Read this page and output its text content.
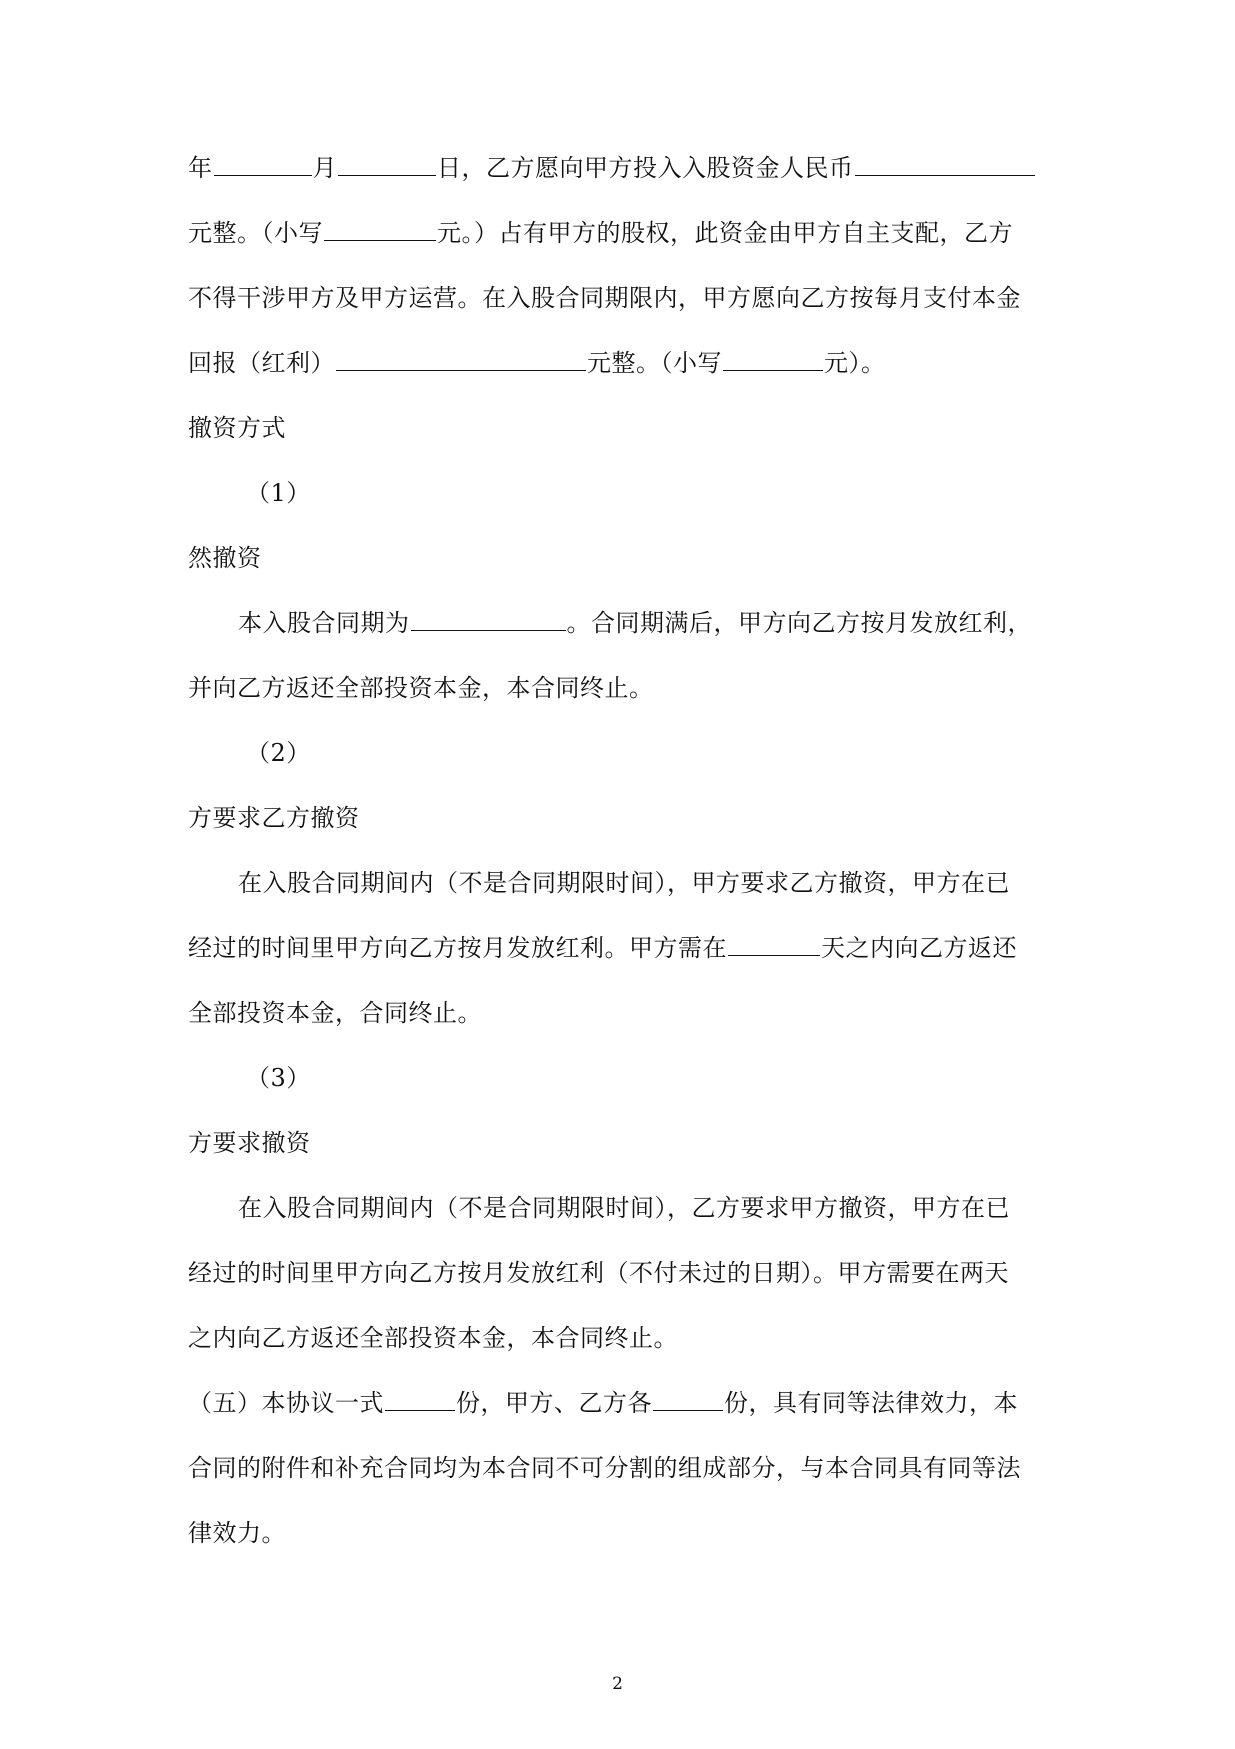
年	月	日，乙方愿向甲方投入入股资金人民币
元整。（小写	元。）占有甲方的股权，此资金由甲方自主支配，乙方
不得干涉甲方及甲方运营。在入股合同期限内，甲方愿向乙方按每月支付本金
回报（红利）	元整。（小写	元）。
撤资方式
（1）
然撤资
本入股合同期为	。合同期满后，甲方向乙方按月发放红利，
并向乙方返还全部投资本金，本合同终止。
（2）
方要求乙方撤资
在入股合同期间内（不是合同期限时间），甲方要求乙方撤资，甲方在已
经过的时间里甲方向乙方按月发放红利。甲方需在	天之内向乙方返还
全部投资本金，合同终止。
（3）
方要求撤资
在入股合同期间内（不是合同期限时间），乙方要求甲方撤资，甲方在已
经过的时间里甲方向乙方按月发放红利（不付未过的日期）。甲方需要在两天
之内向乙方返还全部投资本金，本合同终止。
（五）本协议一式	份，甲方、乙方各	份，具有同等法律效力，本
合同的附件和补充合同均为本合同不可分割的组成部分，与本合同具有同等法
律效力。
2
